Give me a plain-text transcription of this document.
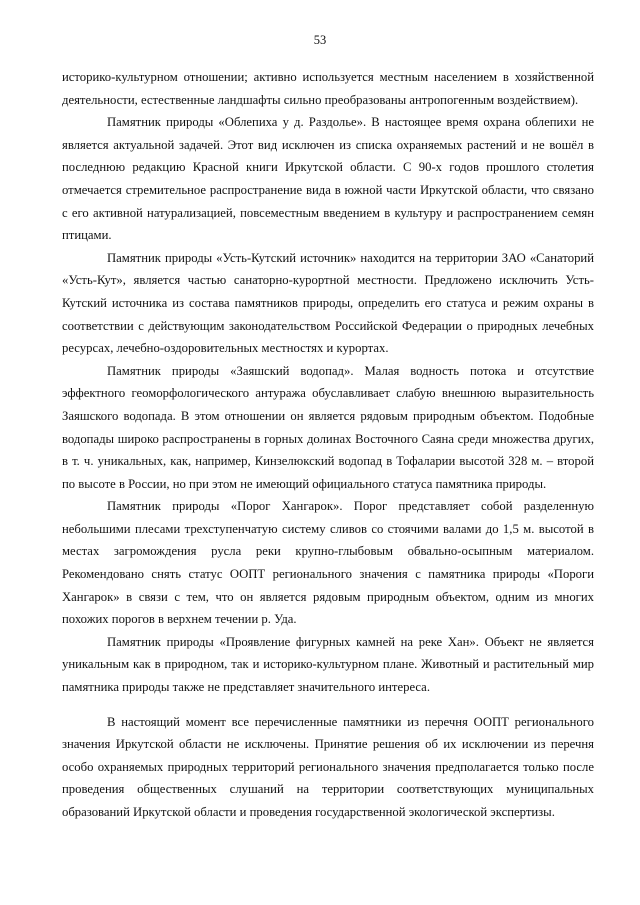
53

историко-культурном отношении; активно используется местным населением в хозяйственной деятельности, естественные ландшафты сильно преобразованы антропогенным воздействием).

Памятник природы «Облепиха у д. Раздолье». В настоящее время охрана облепихи не является актуальной задачей. Этот вид исключен из списка охраняемых растений и не вошёл в последнюю редакцию Красной книги Иркутской области. С 90-х годов прошлого столетия отмечается стремительное распространение вида в южной части Иркутской области, что связано с его активной натурализацией, повсеместным введением в культуру и распространением семян птицами.

Памятник природы «Усть-Кутский источник» находится на территории ЗАО «Санаторий «Усть-Кут», является частью санаторно-курортной местности. Предложено исключить Усть-Кутский источника из состава памятников природы, определить его статуса и режим охраны в соответствии с действующим законодательством Российской Федерации о природных лечебных ресурсах, лечебно-оздоровительных местностях и курортах.

Памятник природы «Заяшский водопад». Малая водность потока и отсутствие эффектного геоморфологического антуража обуславливает слабую внешнюю выразительность Заяшского водопада. В этом отношении он является рядовым природным объектом. Подобные водопады широко распространены в горных долинах Восточного Саяна среди множества других, в т. ч. уникальных, как, например, Кинзелюкский водопад в Тофаларии высотой 328 м. – второй по высоте в России, но при этом не имеющий официального статуса памятника природы.

Памятник природы «Порог Хангарок». Порог представляет собой разделенную небольшими плесами трехступенчатую систему сливов со стоячими валами до 1,5 м. высотой в местах загромождения русла реки крупно-глыбовым обвально-осыпным материалом. Рекомендовано снять статус ООПТ регионального значения с памятника природы «Пороги Хангарок» в связи с тем, что он является рядовым природным объектом, одним из многих похожих порогов в верхнем течении р. Уда.

Памятник природы «Проявление фигурных камней на реке Хан». Объект не является уникальным как в природном, так и историко-культурном плане. Животный и растительный мир памятника природы также не представляет значительного интереса.

В настоящий момент все перечисленные памятники из перечня ООПТ регионального значения Иркутской области не исключены. Принятие решения об их исключении из перечня особо охраняемых природных территорий регионального значения предполагается только после проведения общественных слушаний на территории соответствующих муниципальных образований Иркутской области и проведения государственной экологической экспертизы.
